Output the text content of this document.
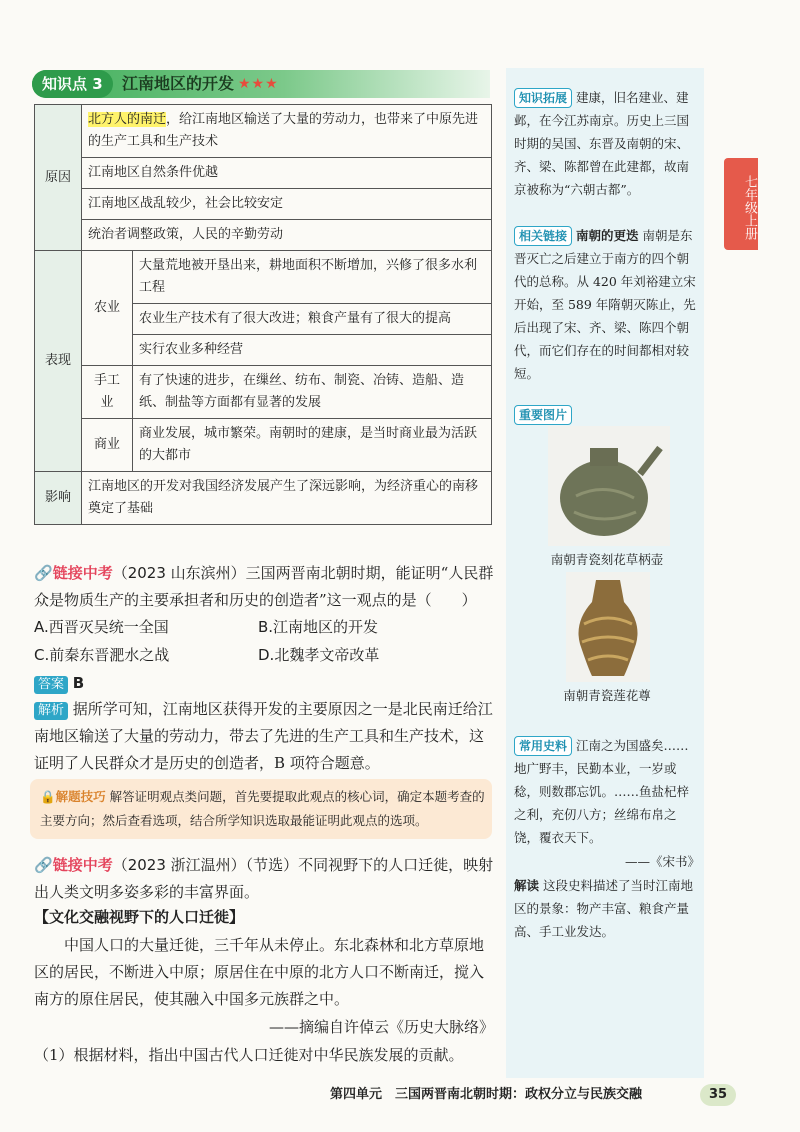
知识点 3	江南地区的开发 ★★★
原因	北方人的南迁，给江南地区输送了大量的劳动力，也带来了中原先进的生产工具和生产技术	
	江南地区自然条件优越	
	江南地区战乱较少，社会比较安定	
	统治者调整政策，人民的辛勤劳动	
表现	农业	大量荒地被开垦出来，耕地面积不断增加，兴修了很多水利工程
		农业生产技术有了很大改进；粮食产量有了很大的提高
		实行农业多种经营
	手工业	有了快速的进步，在缫丝、纺布、制瓷、冶铸、造船、造纸、制盐等方面都有显著的发展
	商业	商业发展，城市繁荣。南朝时的建康，是当时商业最为活跃的大都市
影响	江南地区的开发对我国经济发展产生了深远影响，为经济重心的南移奠定了基础	
🔗链接中考（2023 山东滨州）三国两晋南北朝时期，能证明“人民群众是物质生产的主要承担者和历史的创造者”这一观点的是（　　）
A.西晋灭吴统一全国	B.江南地区的开发
C.前秦东晋淝水之战	D.北魏孝文帝改革
答案 B
解析 据所学可知，江南地区获得开发的主要原因之一是北民南迁给江南地区输送了大量的劳动力，带去了先进的生产工具和生产技术，这证明了人民群众才是历史的创造者，B 项符合题意。
🔒解题技巧 解答证明观点类问题，首先要提取此观点的核心词，确定本题考查的主要方向；然后查看选项，结合所学知识选取最能证明此观点的选项。
🔗链接中考（2023 浙江温州）（节选）不同视野下的人口迁徙，映射出人类文明多姿多彩的丰富界面。
【文化交融视野下的人口迁徙】
中国人口的大量迁徙，三千年从未停止。东北森林和北方草原地区的居民，不断进入中原；原居住在中原的北方人口不断南迁，搅入南方的原住居民，使其融入中国多元族群之中。
——摘编自许倬云《历史大脉络》
（1）根据材料，指出中国古代人口迁徙对中华民族发展的贡献。
知识拓展 建康，旧名建业、建邺，在今江苏南京。历史上三国时期的吴国、东晋及南朝的宋、齐、梁、陈都曾在此建都，故南京被称为“六朝古都”。
相关链接 南朝的更迭 南朝是东晋灭亡之后建立于南方的四个朝代的总称。从 420 年刘裕建立宋开始，至 589 年隋朝灭陈止，先后出现了宋、齐、梁、陈四个朝代，而它们存在的时间都相对较短。
重要图片
南朝青瓷刻花草柄壶
南朝青瓷莲花尊
常用史料 江南之为国盛矣……地广野丰，民勤本业，一岁或稔，则数郡忘饥。……鱼盐杞梓之利，充仞八方；丝绵布帛之饶，覆衣天下。
——《宋书》
解读 这段史料描述了当时江南地区的景象：物产丰富、粮食产量高、手工业发达。
七年级上册
第四单元　三国两晋南北朝时期：政权分立与民族交融	35
